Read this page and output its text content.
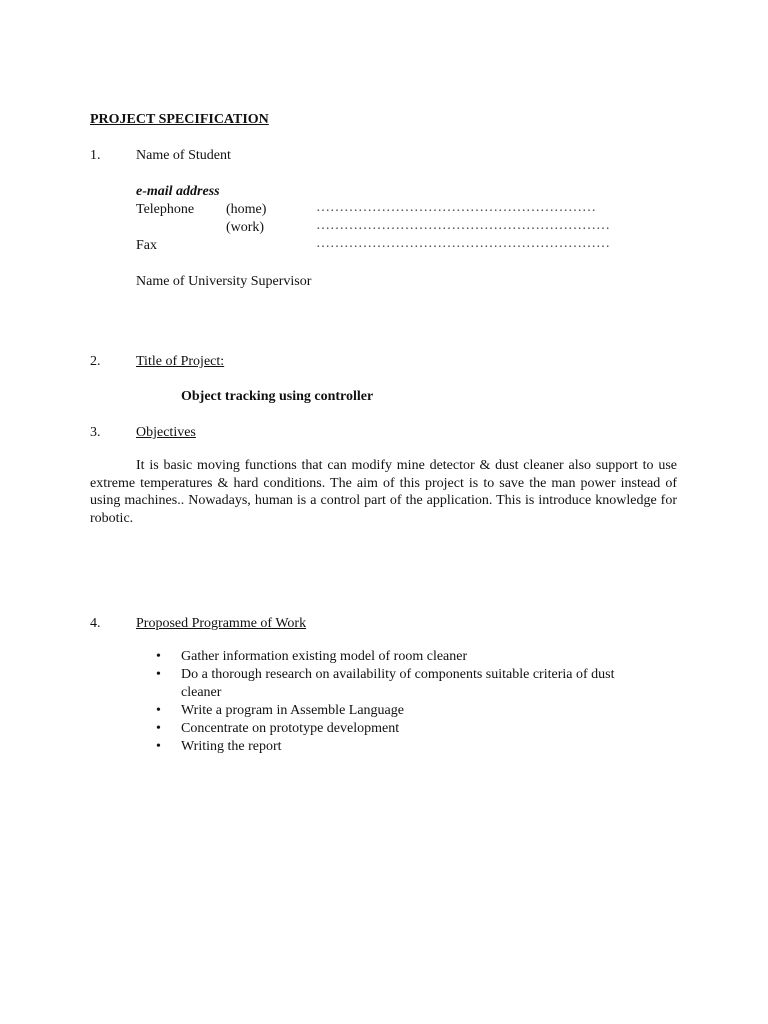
PROJECT SPECIFICATION
1.	Name of Student
e-mail address
Telephone (home)	……………………………………………………
(work)	………………………………………………………
Fax	………………………………………………………
Name of University Supervisor
2.	Title of Project:
Object tracking using controller
3.	Objectives
It is basic moving functions that can modify mine detector & dust cleaner also support to use extreme temperatures & hard conditions. The aim of this project is to save the man power instead of using machines.. Nowadays, human is a control part of the application. This is introduce knowledge for robotic.
4.	Proposed Programme of Work
• Gather information existing model of room cleaner
• Do a thorough research on availability of components suitable criteria of dust cleaner
• Write a program in Assemble Language
• Concentrate on prototype development
• Writing the report
